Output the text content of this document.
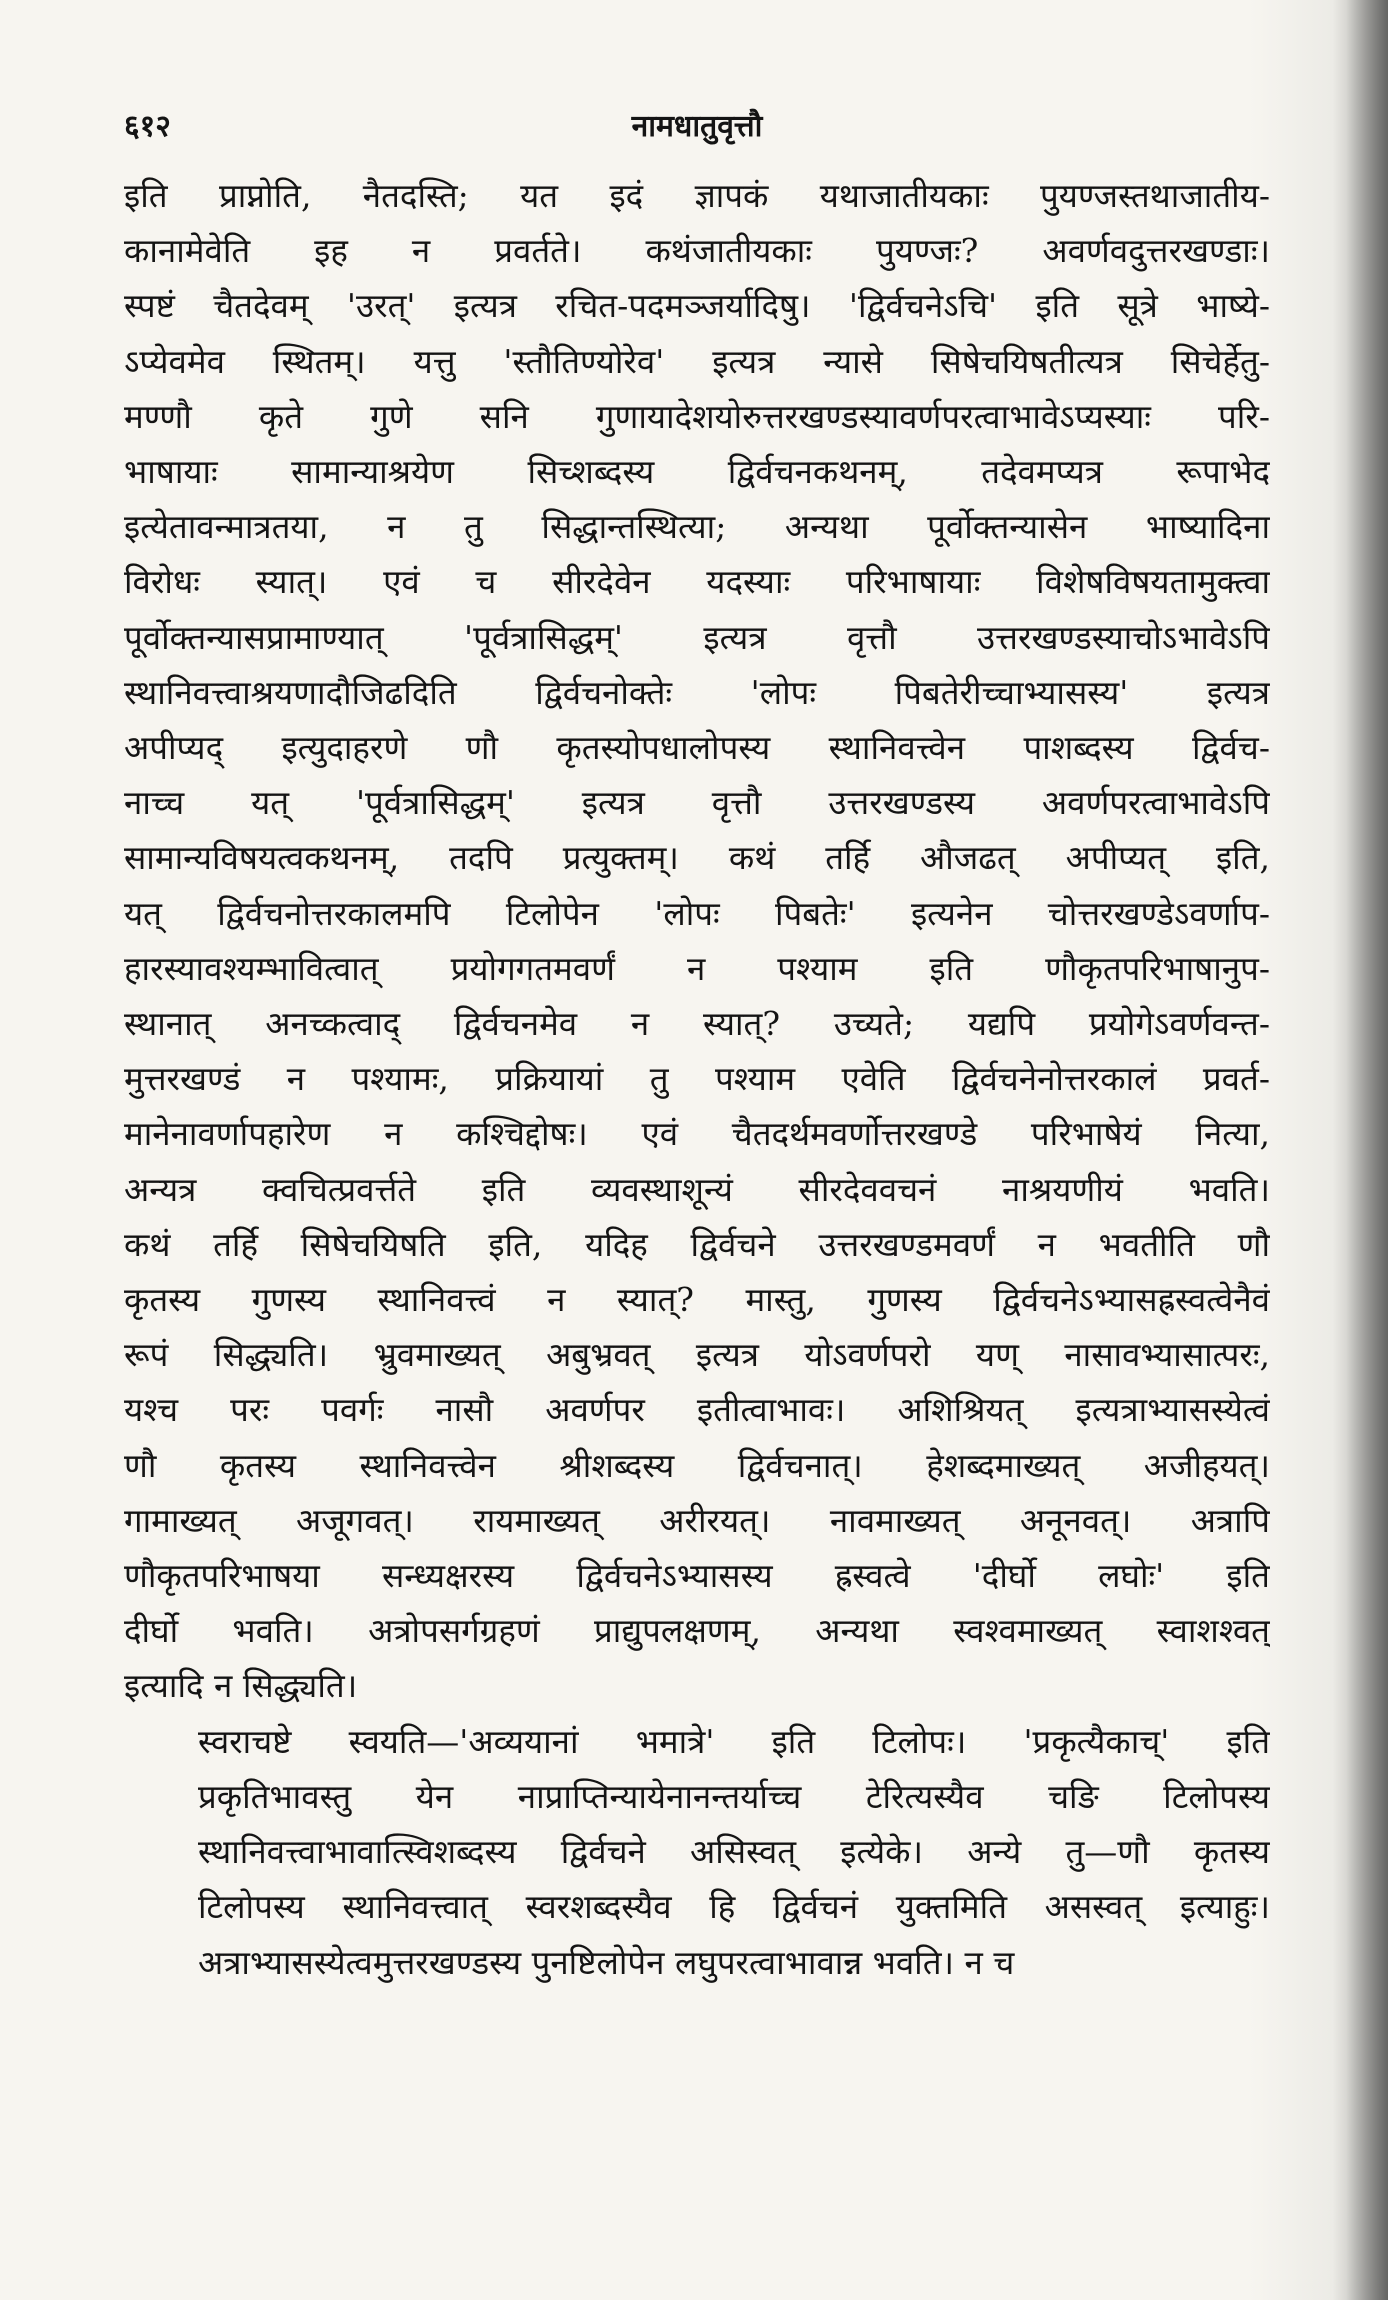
६१२	नामधातुवृत्तौ

इति प्राप्नोति, नैतदस्ति; यत इदं ज्ञापकं यथाजातीयकाः पुयण्जस्तथाजातीय-
कानामेवेति इह न प्रवर्तते। कथंजातीयकाः पुयण्जः? अवर्णवदुत्तरखण्डाः।
स्पष्टं चैतदेवम् 'उरत्' इत्यत्र रचित-पदमञ्जर्यादिषु। 'द्विर्वचनेऽचि' इति सूत्रे भाष्ये-
ऽप्येवमेव स्थितम्। यत्तु 'स्तौतिण्योरेव' इत्यत्र न्यासे सिषेचयिषतीत्यत्र सिचेर्हेतु-
मण्णौ कृते गुणे सनि गुणायादेशयोरुत्तरखण्डस्यावर्णपरत्वाभावेऽप्यस्याः परि-
भाषायाः सामान्याश्रयेण सिच्शब्दस्य द्विर्वचनकथनम्, तदेवमप्यत्र रूपाभेद
इत्येतावन्मात्रतया, न तु सिद्धान्तस्थित्या; अन्यथा पूर्वोक्तन्यासेन भाष्यादिना
विरोधः स्यात्। एवं च सीरदेवेन यदस्याः परिभाषायाः विशेषविषयतामुक्त्वा
पूर्वोक्तन्यासप्रामाण्यात् 'पूर्वत्रासिद्धम्' इत्यत्र वृत्तौ उत्तरखण्डस्याचोऽभावेऽपि
स्थानिवत्त्वाश्रयणादौजिढदिति द्विर्वचनोक्तेः 'लोपः पिबतेरीच्चाभ्यासस्य' इत्यत्र
अपीप्यद् इत्युदाहरणे णौ कृतस्योपधालोपस्य स्थानिवत्त्वेन पाशब्दस्य द्विर्वच-
नाच्च यत् 'पूर्वत्रासिद्धम्' इत्यत्र वृत्तौ उत्तरखण्डस्य अवर्णपरत्वाभावेऽपि
सामान्यविषयत्वकथनम्, तदपि प्रत्युक्तम्। कथं तर्हि औजढत् अपीप्यत् इति,
यत् द्विर्वचनोत्तरकालमपि टिलोपेन 'लोपः पिबतेः' इत्यनेन चोत्तरखण्डेऽवर्णाप-
हारस्यावश्यम्भावित्वात् प्रयोगगतमवर्णं न पश्याम इति णौकृतपरिभाषानुप-
स्थानात् अनच्कत्वाद् द्विर्वचनमेव न स्यात्? उच्यते; यद्यपि प्रयोगेऽवर्णवन्त-
मुत्तरखण्डं न पश्यामः, प्रक्रियायां तु पश्याम एवेति द्विर्वचनेनोत्तरकालं प्रवर्त-
मानेनावर्णापहारेण न कश्चिद्दोषः। एवं चैतदर्थमवर्णोत्तरखण्डे परिभाषेयं नित्या,
अन्यत्र क्वचित्प्रवर्त्तते इति व्यवस्थाशून्यं सीरदेववचनं नाश्रयणीयं भवति।
कथं तर्हि सिषेचयिषति इति, यदिह द्विर्वचने उत्तरखण्डमवर्णं न भवतीति णौ
कृतस्य गुणस्य स्थानिवत्त्वं न स्यात्? मास्तु, गुणस्य द्विर्वचनेऽभ्यासह्रस्वत्वेनैवं
रूपं सिद्ध्यति। भ्रुवमाख्यत् अबुभ्रवत् इत्यत्र योऽवर्णपरो यण् नासावभ्यासात्परः,
यश्च परः पवर्गः नासौ अवर्णपर इतीत्वाभावः। अशिश्रियत् इत्यत्राभ्यासस्येत्वं
णौ कृतस्य स्थानिवत्त्वेन श्रीशब्दस्य द्विर्वचनात्। हेशब्दमाख्यत् अजीहयत्।
गामाख्यत् अजूगवत्। रायमाख्यत् अरीरयत्। नावमाख्यत् अनूनवत्। अत्रापि
णौकृतपरिभाषया सन्ध्यक्षरस्य द्विर्वचनेऽभ्यासस्य ह्रस्वत्वे 'दीर्घो लघोः' इति
दीर्घो भवति। अत्रोपसर्गग्रहणं प्राद्युपलक्षणम्, अन्यथा स्वश्वमाख्यत् स्वाशश्वत्
इत्यादि न सिद्ध्यति।

स्वराचष्टे स्वयति—'अव्ययानां भमात्रे' इति टिलोपः। 'प्रकृत्यैकाच्' इति
प्रकृतिभावस्तु येन नाप्राप्तिन्यायेनानन्तर्याच्च टेरित्यस्यैव चङि टिलोपस्य
स्थानिवत्त्वाभावात्स्विशब्दस्य द्विर्वचने असिस्वत् इत्येके। अन्ये तु—णौ कृतस्य
टिलोपस्य स्थानिवत्त्वात् स्वरशब्दस्यैव हि द्विर्वचनं युक्तमिति असस्वत् इत्याहुः।
अत्राभ्यासस्येत्वमुत्तरखण्डस्य पुनष्टिलोपेन लघुपरत्वाभावान्न भवति। न च
